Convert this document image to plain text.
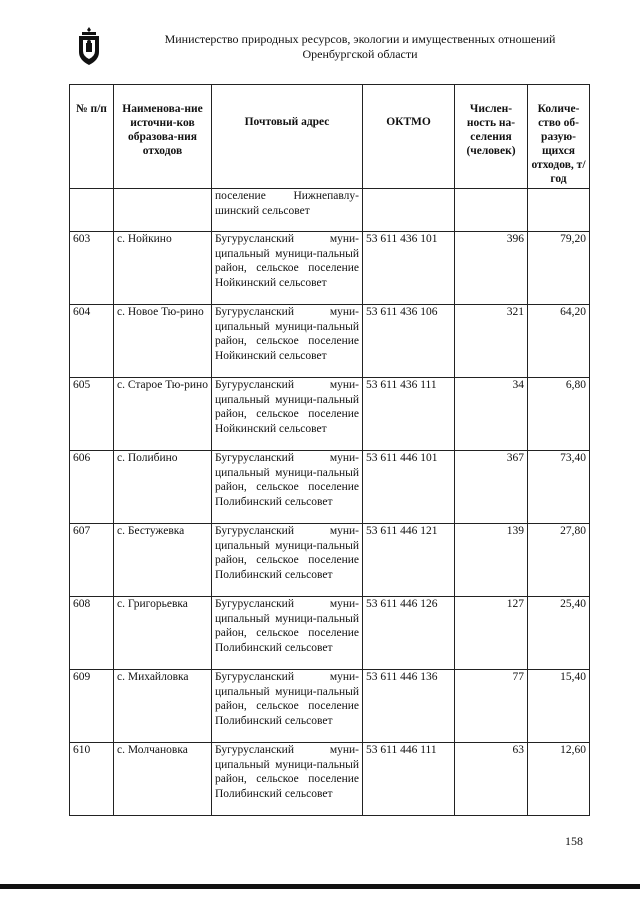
Министерство природных ресурсов, экологии и имущественных отношений
Оренбургской области
№ п/п	Наименова-ние источни-ков образова-ния отходов	Почтовый адрес	ОКТМО	Числен-ность на-селения (человек)	Количе-ство об-разую-щихся отходов, т/год
		поселение Нижнепавлу-шинский сельсовет			
603	с. Нойкино	Бугурусланский муни-ципальный муници-пальный район, сельское поселение Нойкинский сельсовет	53 611 436 101	396	79,20
604	с. Новое Тю-рино	Бугурусланский муни-ципальный муници-пальный район, сельское поселение Нойкинский сельсовет	53 611 436 106	321	64,20
605	с. Старое Тю-рино	Бугурусланский муни-ципальный муници-пальный район, сельское поселение Нойкинский сельсовет	53 611 436 111	34	6,80
606	с. Полибино	Бугурусланский муни-ципальный муници-пальный район, сельское поселение Полибинский сельсовет	53 611 446 101	367	73,40
607	с. Бестужевка	Бугурусланский муни-ципальный муници-пальный район, сельское поселение Полибинский сельсовет	53 611 446 121	139	27,80
608	с. Григорьевка	Бугурусланский муни-ципальный муници-пальный район, сельское поселение Полибинский сельсовет	53 611 446 126	127	25,40
609	с. Михайловка	Бугурусланский муни-ципальный муници-пальный район, сельское поселение Полибинский сельсовет	53 611 446 136	77	15,40
610	с. Молчановка	Бугурусланский муни-ципальный муници-пальный район, сельское поселение Полибинский сельсовет	53 611 446 111	63	12,60
158
